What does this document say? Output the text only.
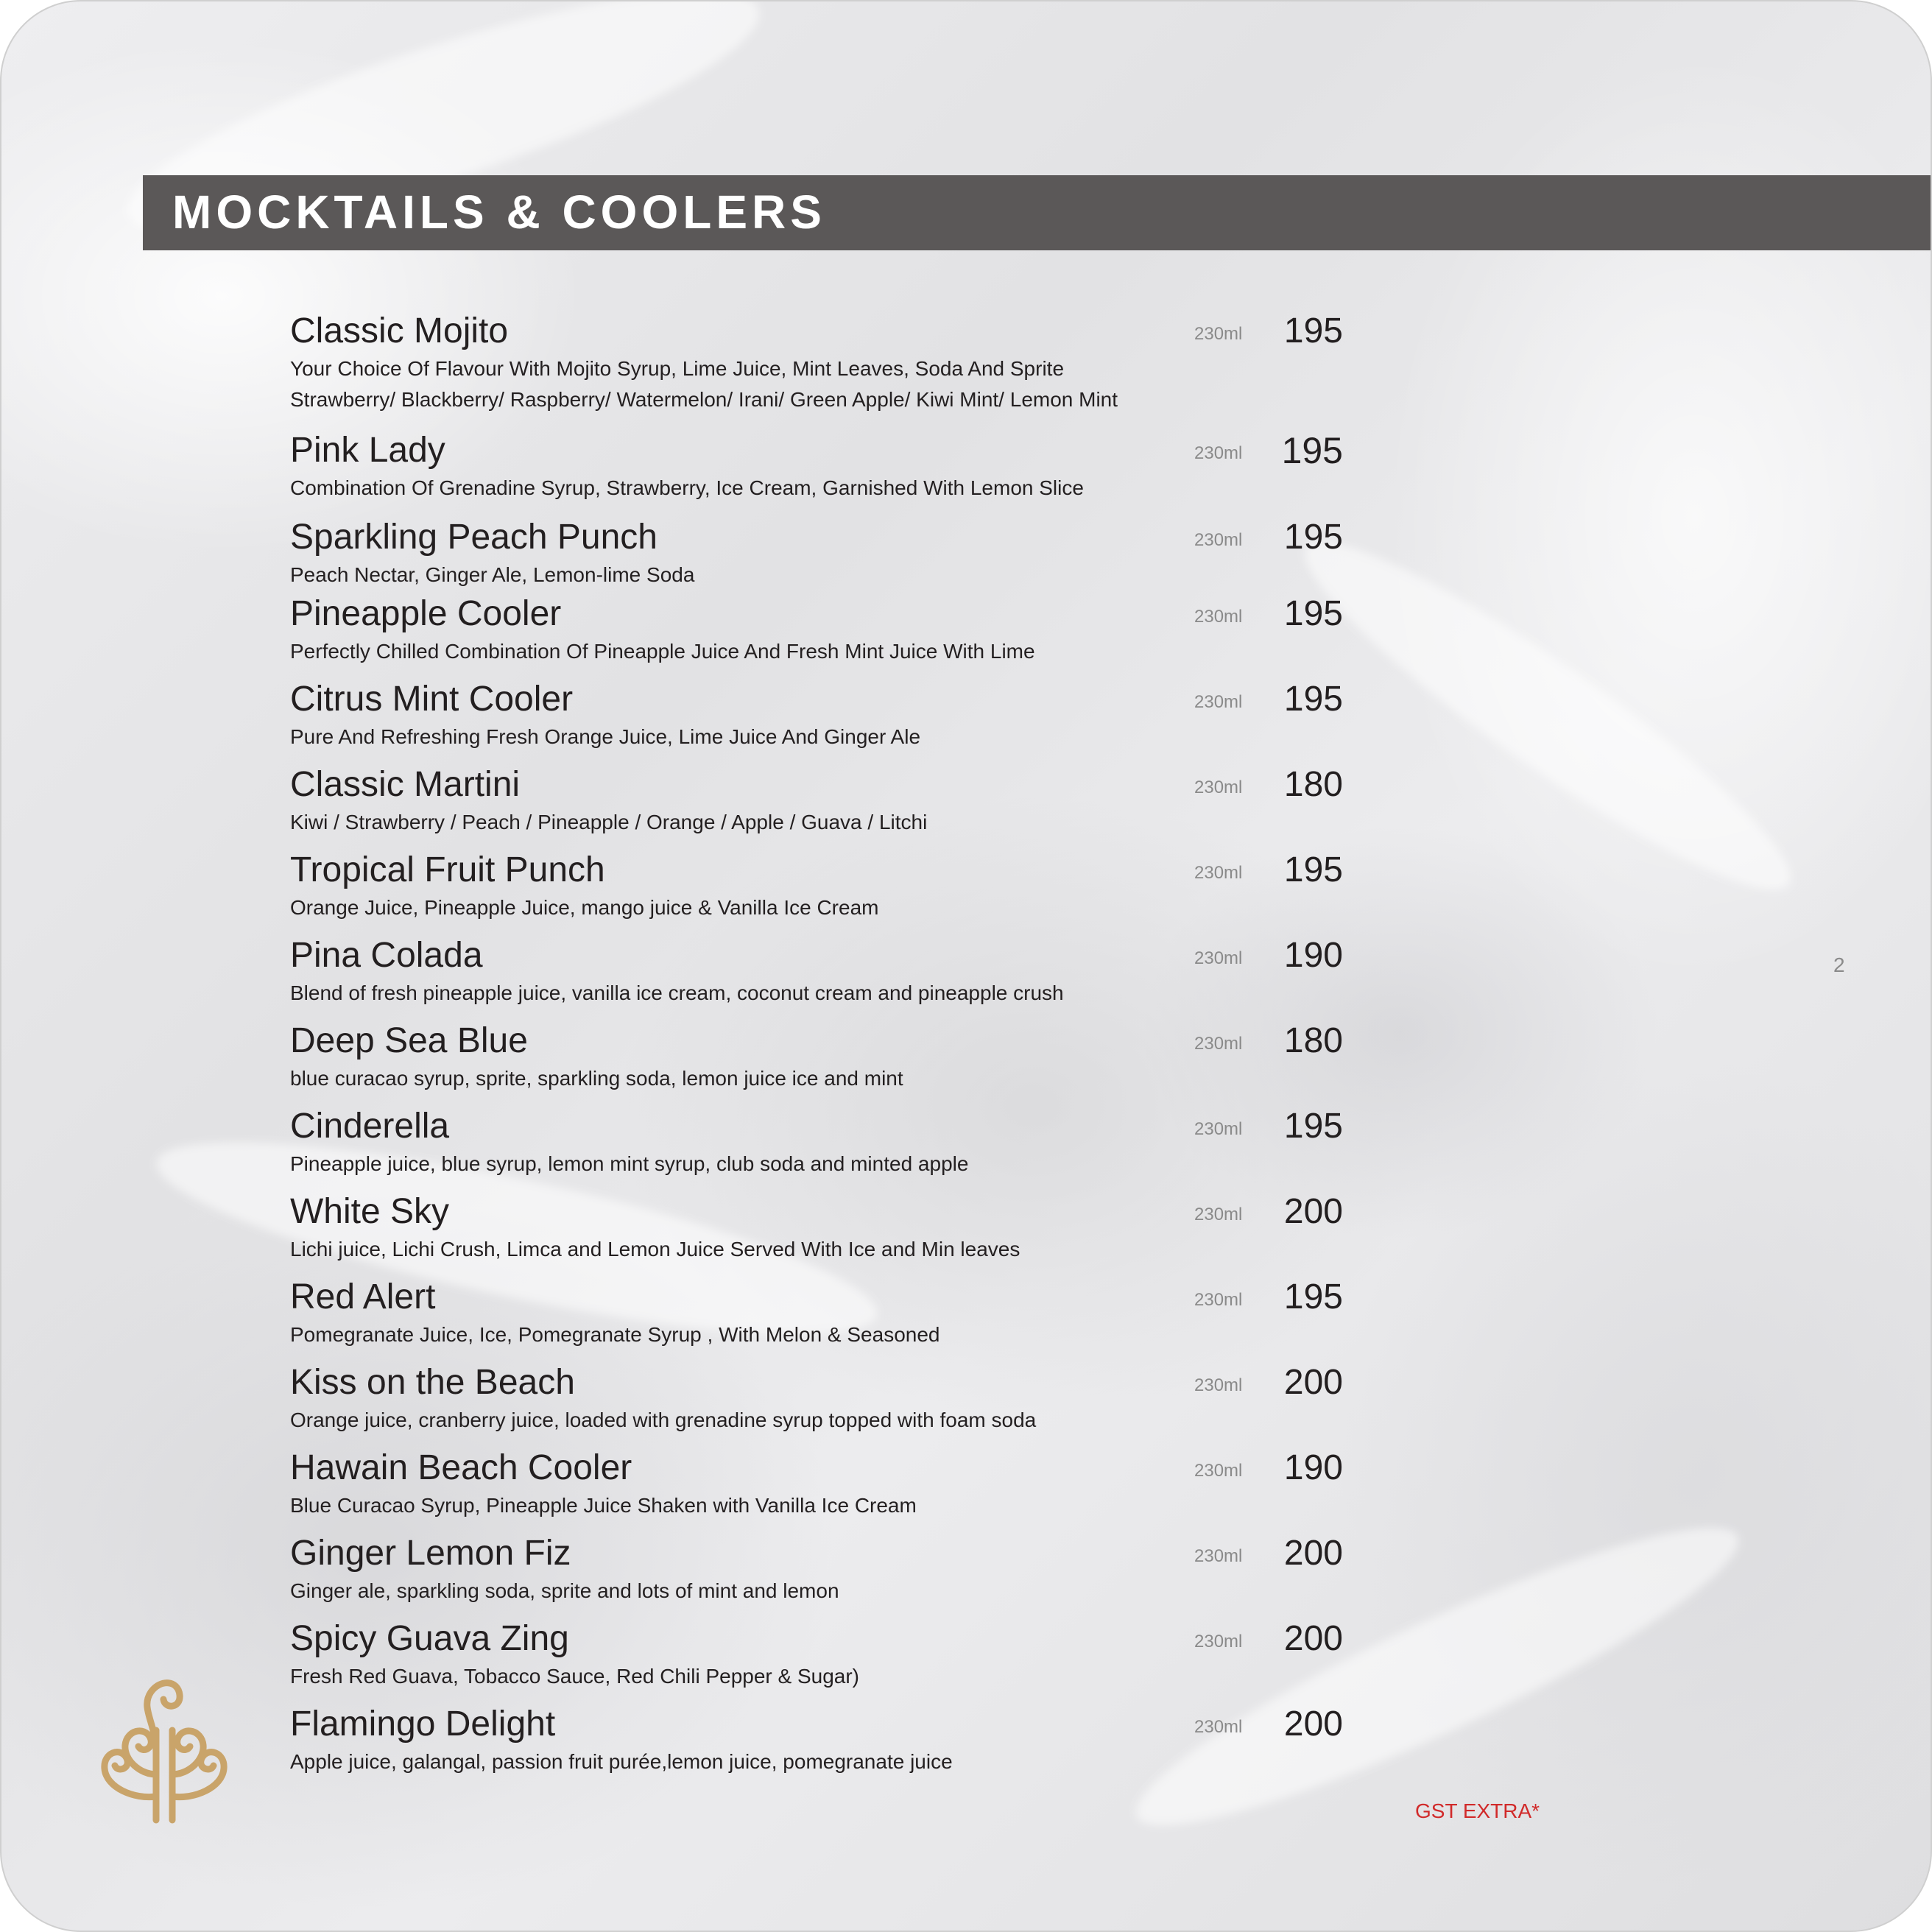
MOCKTAILS & COOLERS
Classic Mojito	230ml 195
Your Choice Of Flavour With Mojito Syrup, Lime Juice, Mint Leaves, Soda And Sprite
Strawberry/ Blackberry/ Raspberry/ Watermelon/ Irani/ Green Apple/ Kiwi Mint/ Lemon Mint
Pink Lady	230ml 195
Combination Of Grenadine Syrup, Strawberry, Ice Cream, Garnished With Lemon Slice
Sparkling Peach Punch	230ml 195
Peach Nectar, Ginger Ale, Lemon-lime Soda
Pineapple Cooler	230ml 195
Perfectly Chilled Combination Of Pineapple Juice And Fresh Mint Juice With Lime
Citrus Mint Cooler	230ml 195
Pure And Refreshing Fresh Orange Juice, Lime Juice And Ginger Ale
Classic Martini	230ml 180
Kiwi / Strawberry / Peach / Pineapple / Orange / Apple / Guava / Litchi
Tropical Fruit Punch	230ml 195
Orange Juice, Pineapple Juice, mango juice & Vanilla Ice Cream
Pina Colada	230ml 190
Blend of fresh pineapple juice, vanilla ice cream, coconut cream and pineapple crush
Deep Sea Blue	230ml 180
blue curacao syrup, sprite, sparkling soda, lemon juice ice and mint
Cinderella	230ml 195
Pineapple juice, blue syrup, lemon mint syrup, club soda and minted apple
White Sky	230ml 200
Lichi juice, Lichi Crush, Limca and Lemon Juice Served With Ice and Min leaves
Red Alert	230ml 195
Pomegranate Juice, Ice, Pomegranate Syrup , With Melon & Seasoned
Kiss on the Beach	230ml 200
Orange juice, cranberry juice, loaded with grenadine syrup topped with foam soda
Hawain Beach Cooler	230ml 190
Blue Curacao Syrup, Pineapple Juice Shaken with Vanilla Ice Cream
Ginger Lemon Fiz	230ml 200
Ginger ale, sparkling soda, sprite and lots of mint and lemon
Spicy Guava Zing	230ml 200
Fresh Red Guava, Tobacco Sauce, Red Chili Pepper & Sugar)
Flamingo Delight	230ml 200
Apple juice, galangal, passion fruit purée,lemon juice, pomegranate juice
2
GST EXTRA*
